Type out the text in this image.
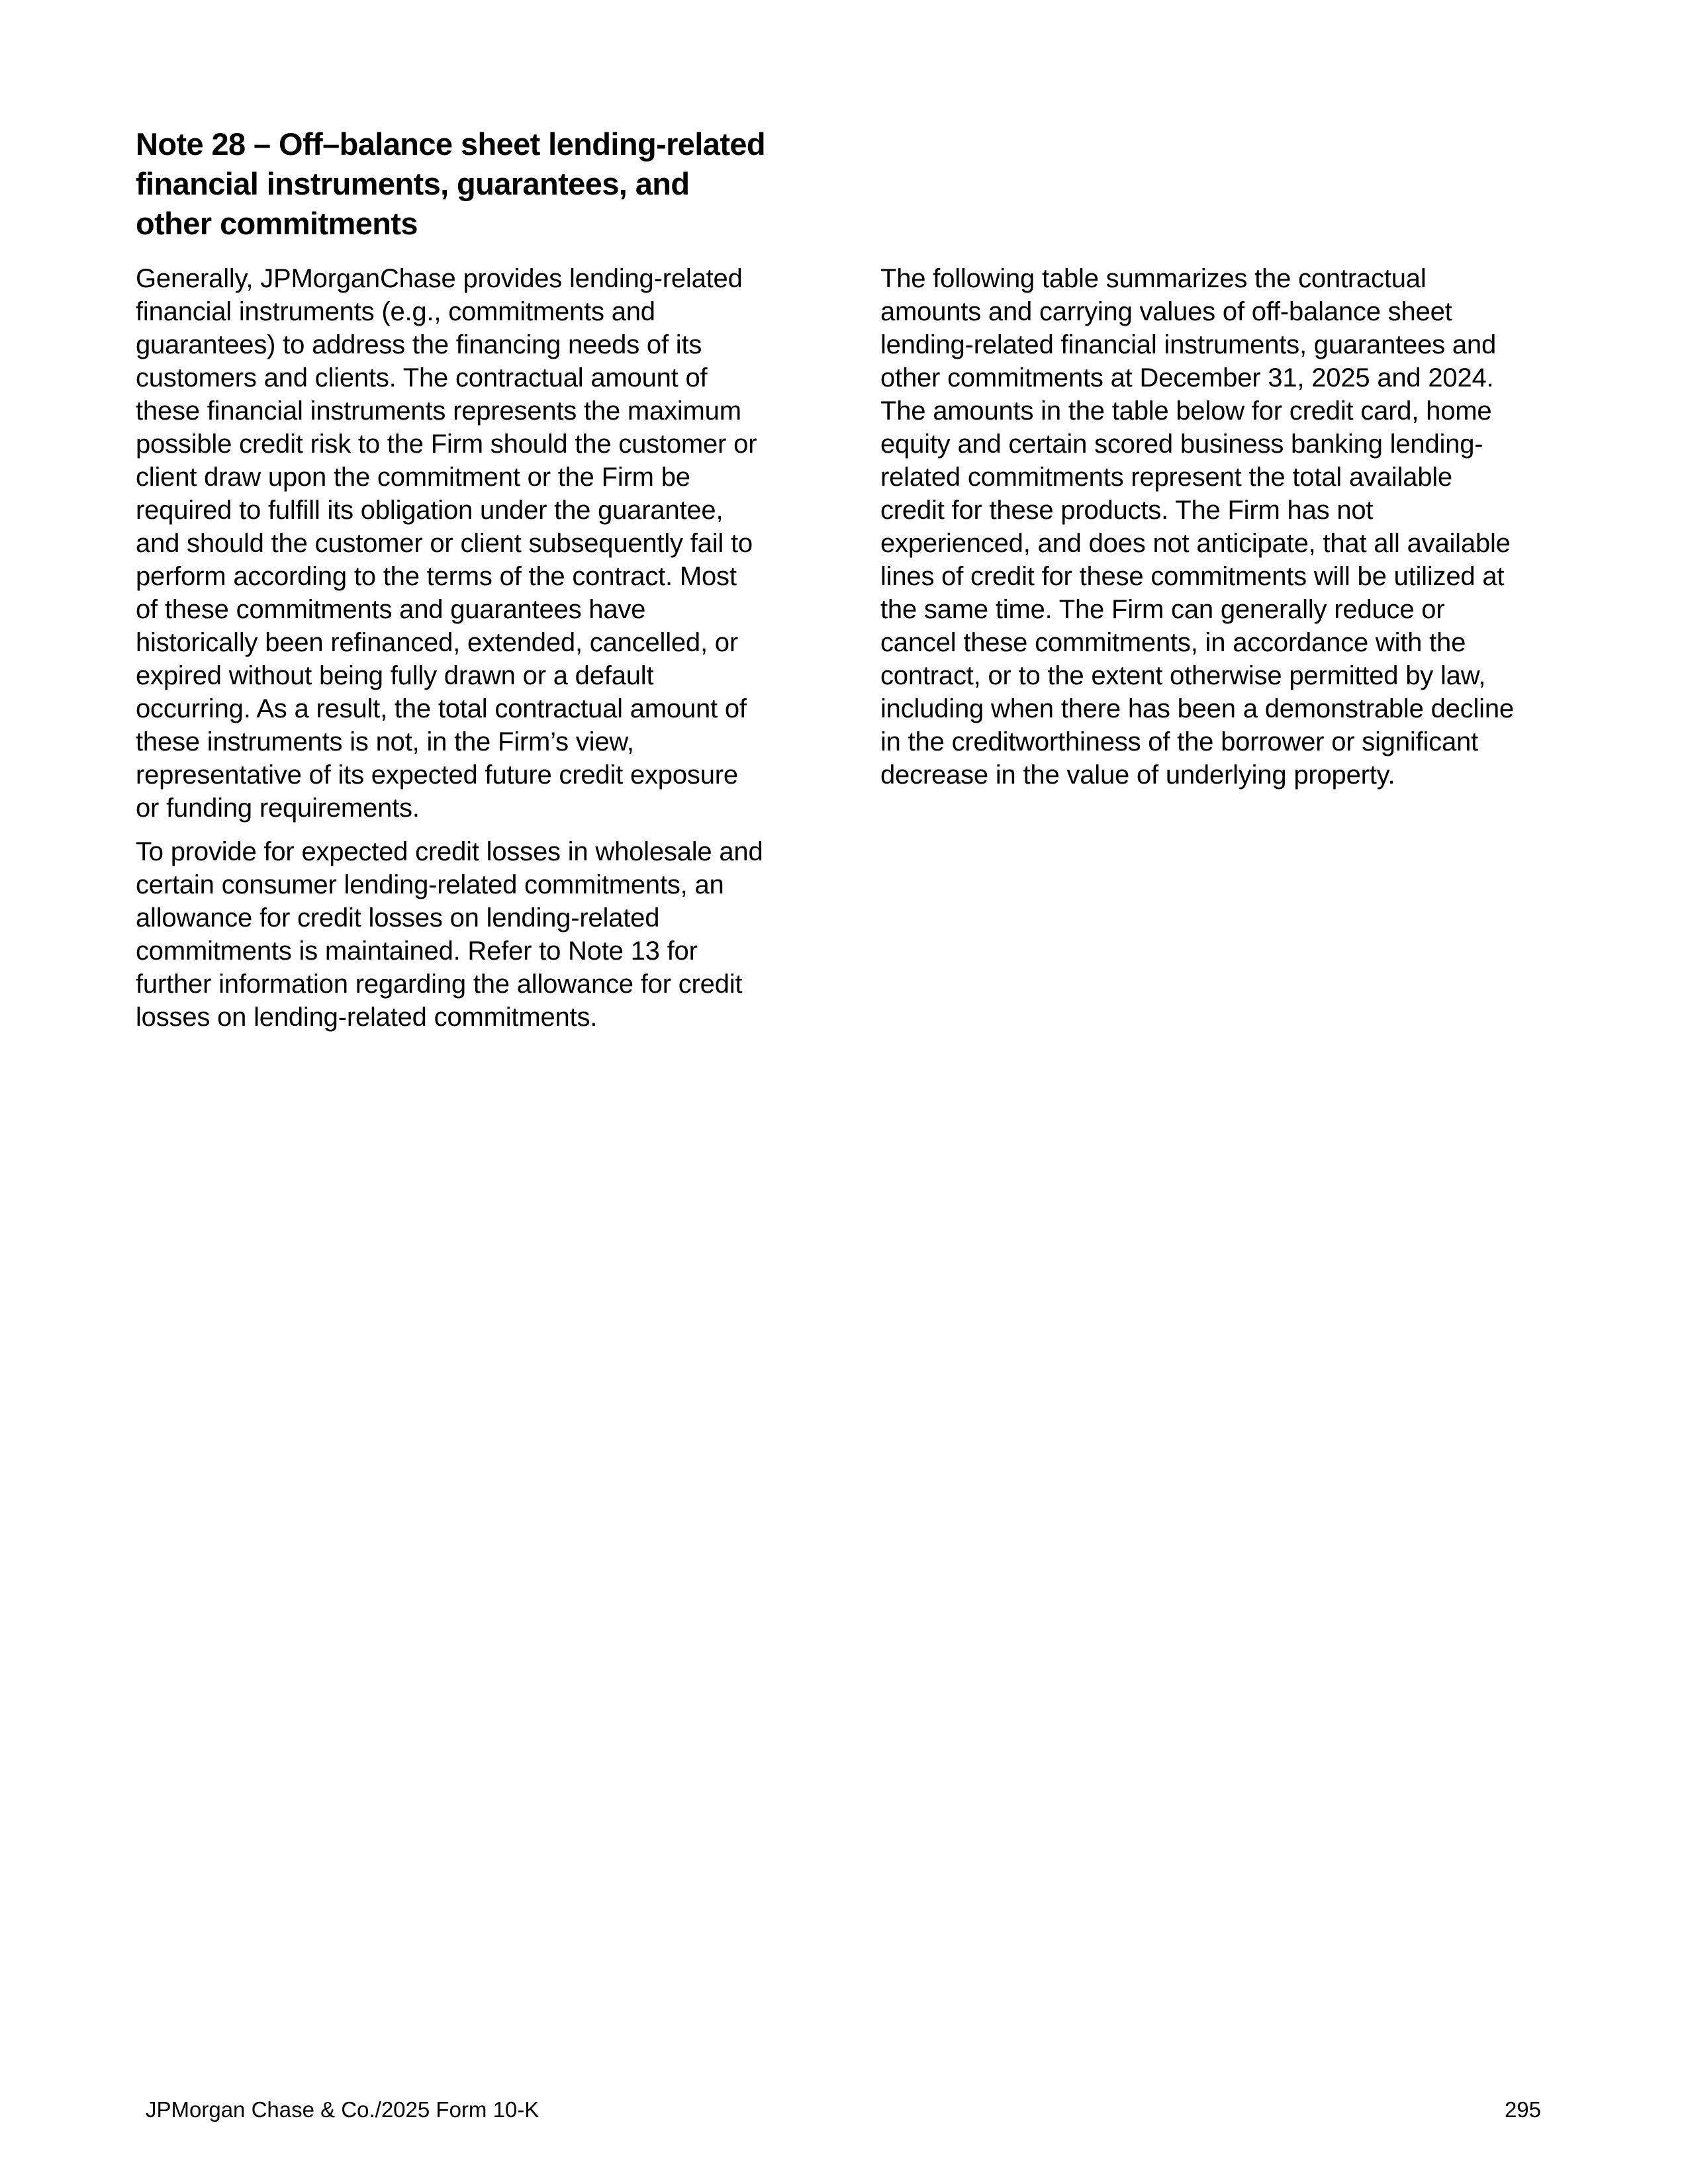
Note 28 – Off–balance sheet lending-related
financial instruments, guarantees, and
other commitments

Generally, JPMorganChase provides lending-related
financial instruments (e.g., commitments and
guarantees) to address the financing needs of its
customers and clients. The contractual amount of
these financial instruments represents the maximum
possible credit risk to the Firm should the customer or
client draw upon the commitment or the Firm be
required to fulfill its obligation under the guarantee,
and should the customer or client subsequently fail to
perform according to the terms of the contract. Most
of these commitments and guarantees have
historically been refinanced, extended, cancelled, or
expired without being fully drawn or a default
occurring. As a result, the total contractual amount of
these instruments is not, in the Firm’s view,
representative of its expected future credit exposure
or funding requirements.

To provide for expected credit losses in wholesale and
certain consumer lending-related commitments, an
allowance for credit losses on lending-related
commitments is maintained. Refer to Note 13 for
further information regarding the allowance for credit
losses on lending-related commitments.

The following table summarizes the contractual
amounts and carrying values of off-balance sheet
lending-related financial instruments, guarantees and
other commitments at December 31, 2025 and 2024.
The amounts in the table below for credit card, home
equity and certain scored business banking lending-
related commitments represent the total available
credit for these products. The Firm has not
experienced, and does not anticipate, that all available
lines of credit for these commitments will be utilized at
the same time. The Firm can generally reduce or
cancel these commitments, in accordance with the
contract, or to the extent otherwise permitted by law,
including when there has been a demonstrable decline
in the creditworthiness of the borrower or significant
decrease in the value of underlying property.

JPMorgan Chase & Co./2025 Form 10-K	295
